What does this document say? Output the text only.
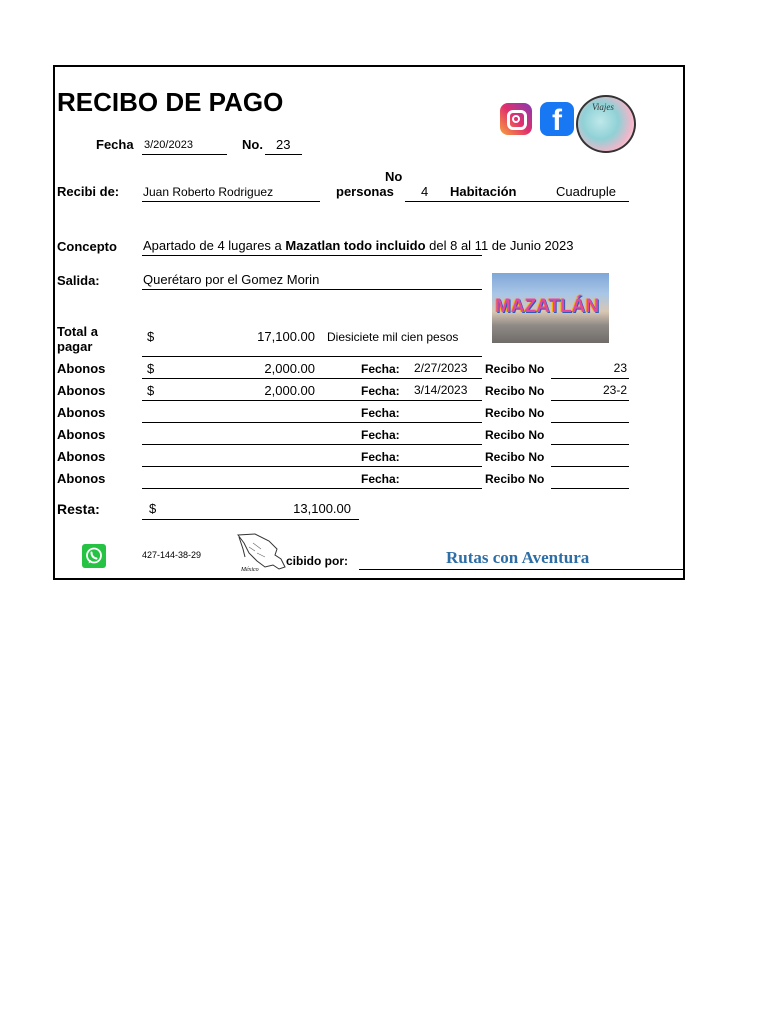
RECIBO DE PAGO
f	Viajes
Fecha 3/20/2023	No. 23
Recibi de: Juan Roberto Rodriguez
No
personas 4 Habitación	Cuadruple
Concepto Apartado de 4 lugares a Mazatlan todo incluido del 8 al 11 de Junio 2023
Salida:	Querétaro por el Gomez Morin
MAZATLÁN
Total a
pagar
$	17,100.00 Diesiciete mil cien pesos
Abonos	$	2,000.00	Fecha: 2/27/2023 Recibo No	23
Abonos	$	2,000.00	Fecha: 3/14/2023 Recibo No	23-2
Abonos	Fecha:	Recibo No
Abonos	Fecha:	Recibo No
Abonos	Fecha:	Recibo No
Abonos	Fecha:	Recibo No
Resta:	$	13,100.00
427-144-38-29
México
cibido por:	Rutas con Aventura
